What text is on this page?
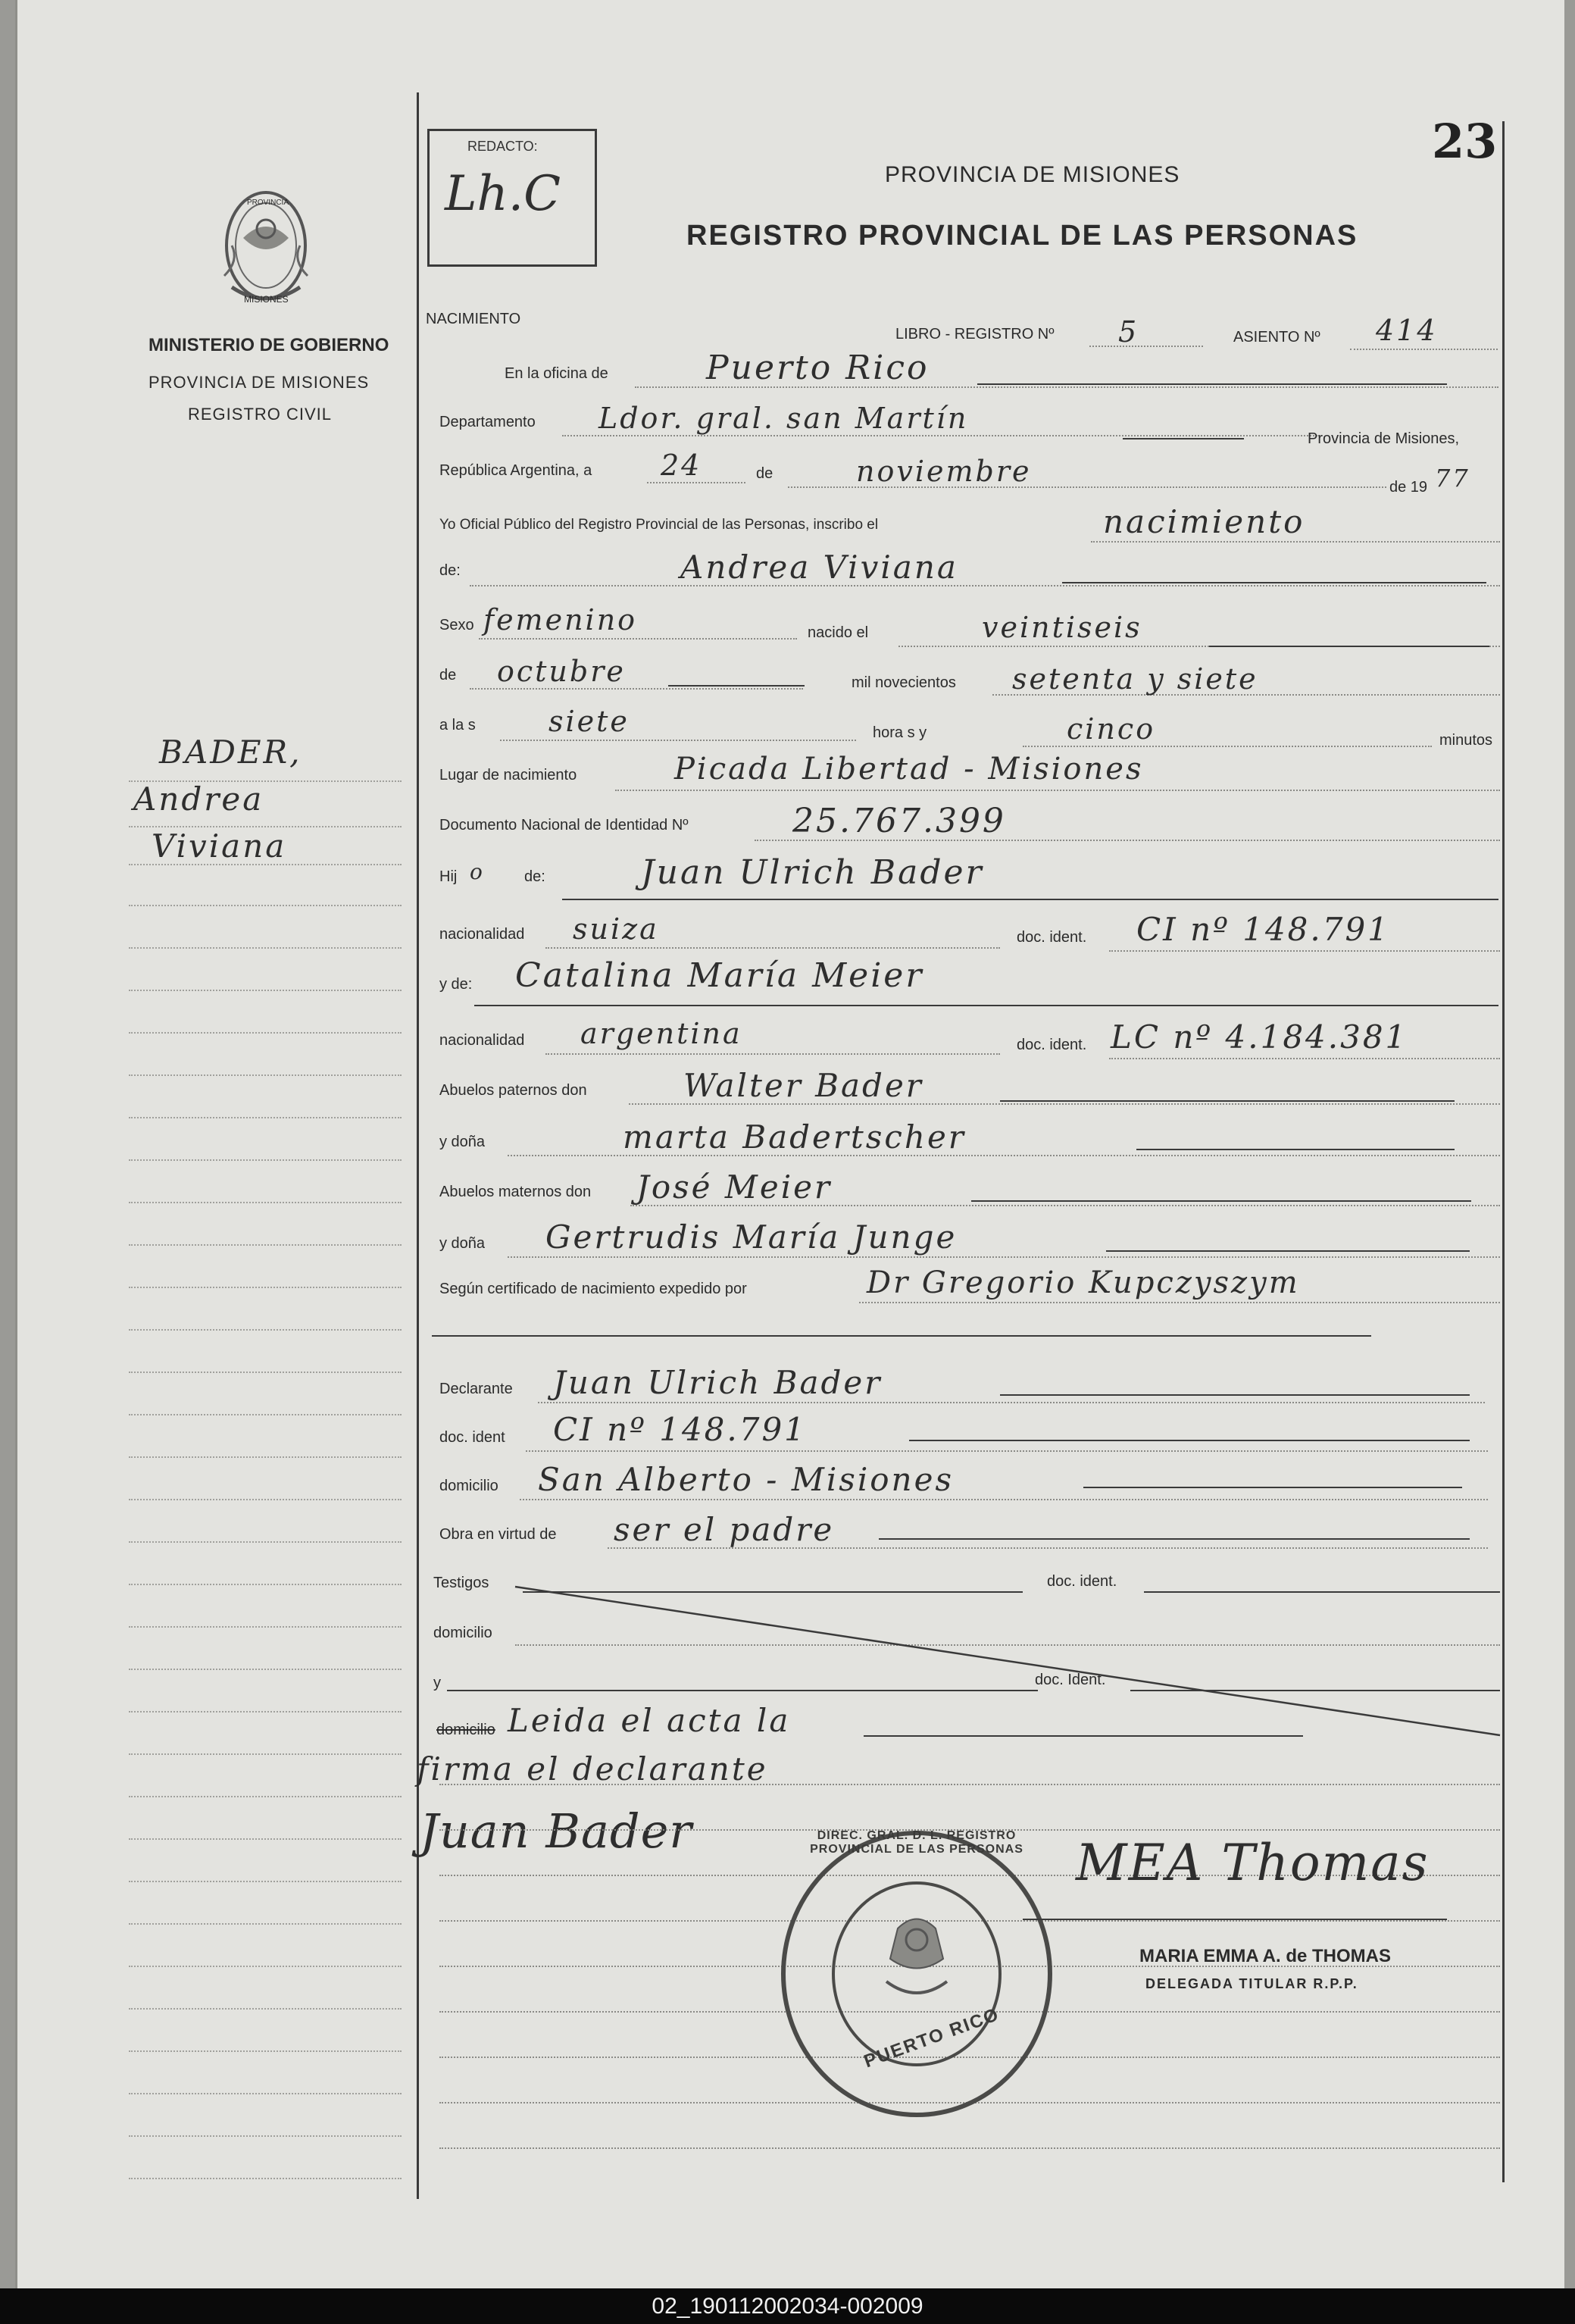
23
REDACTO:
Lh.C	PROVINCIA DE MISIONES
REGISTRO PROVINCIAL DE LAS PERSONAS
PROVINCIA
MISIONES
MINISTERIO DE GOBIERNO
PROVINCIA DE MISIONES
REGISTRO CIVIL
BADER,
Andrea
Viviana
NACIMIENTO
LIBRO - REGISTRO Nº 5	ASIENTO Nº 414
En la oficina de	Puerto Rico
Departamento Ldor. gral. san Martín
Provincia de Misiones,
República Argentina, a 24	de	noviembre	de 19 77
Yo Oficial Público del Registro Provincial de las Personas, inscribo el	nacimiento
de:	Andrea Viviana
Sexo femenino	nacido el	veintiseis
de octubre	mil novecientos setenta y siete
a la s	siete	hora s y	cinco	minutos
Lugar de nacimiento	Picada Libertad - Misiones
Documento Nacional de Identidad Nº	25.767.399
Hij o	de:	Juan Ulrich Bader
nacionalidad suiza	doc. ident. CI nº 148.791
y de: Catalina María Meier
nacionalidad argentina	doc. ident. LC nº 4.184.381
Abuelos paternos don	Walter Bader
y doña	marta Badertscher
Abuelos maternos don José Meier
y doña Gertrudis María Junge
Según certificado de nacimiento expedido por	Dr Gregorio Kupczyszym
Declarante Juan Ulrich Bader
doc. ident CI nº 148.791
domicilio San Alberto - Misiones
Obra en virtud de ser el padre
Testigos	doc. ident.
domicilio
y	doc. Ident.
domicilio Leida el acta la
firma el declarante
Juan Bader	DIREC. GRAL. D. L. REGISTRO PROVINCIAL DE LAS PERSONAS
PUERTO RICO
MEA Thomas
MARIA EMMA A. de THOMAS
DELEGADA TITULAR R.P.P.
02_190112002034-002009
